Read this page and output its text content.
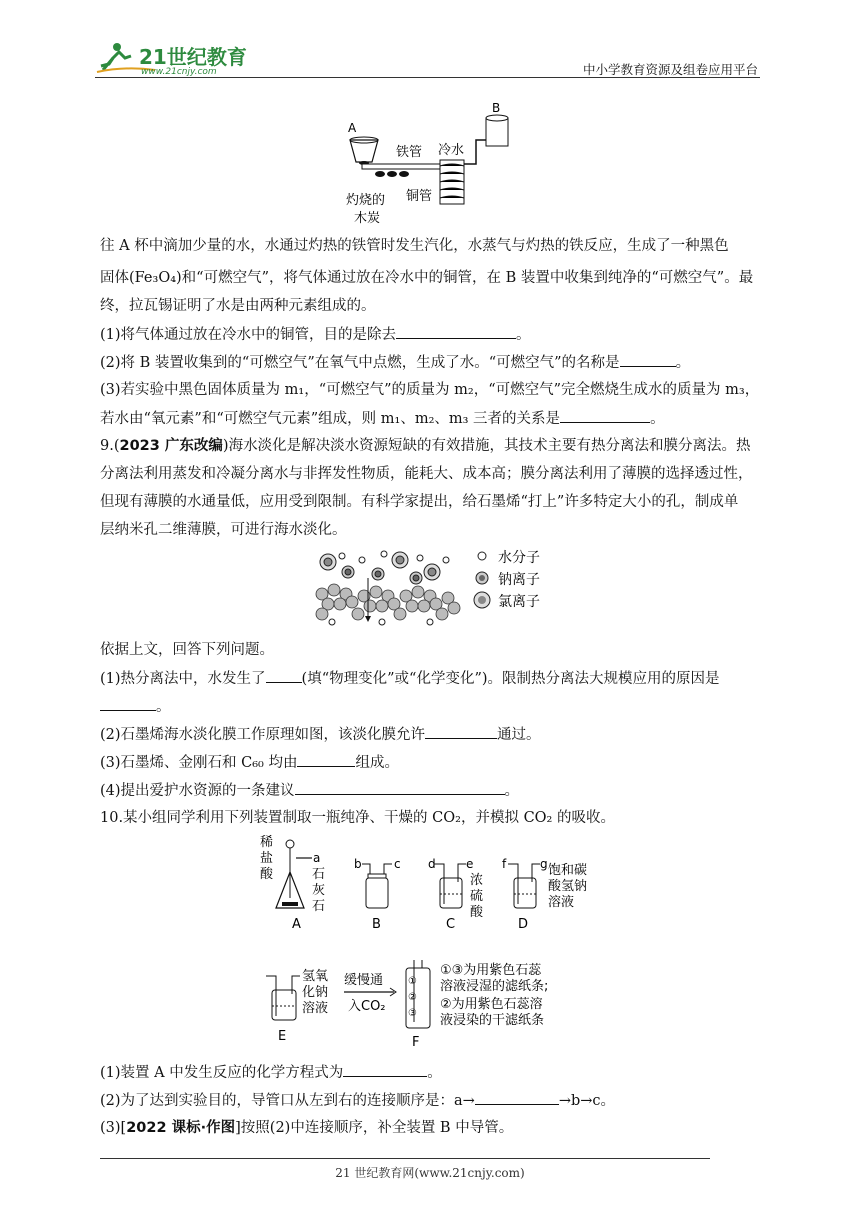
21世纪教育
www.21cnjy.com	中小学教育资源及组卷应用平台
A
铁管 冷水
B
铜管
灼烧的
木炭
往 A 杯中滴加少量的水，水通过灼热的铁管时发生汽化，水蒸气与灼热的铁反应，生成了一种黑色
固体(Fe₃O₄)和“可燃空气”，将气体通过放在冷水中的铜管，在 B 装置中收集到纯净的“可燃空气”。最
终，拉瓦锡证明了水是由两种元素组成的。
(1)将气体通过放在冷水中的铜管，目的是除去	。
(2)将 B 装置收集到的“可燃空气”在氧气中点燃，生成了水。“可燃空气”的名称是	。
(3)若实验中黑色固体质量为 m₁，“可燃空气”的质量为 m₂，“可燃空气”完全燃烧生成水的质量为 m₃，
若水由“氧元素”和“可燃空气元素”组成，则 m₁、m₂、m₃ 三者的关系是	。
9.(2023 广东改编)海水淡化是解决淡水资源短缺的有效措施，其技术主要有热分离法和膜分离法。热
分离法利用蒸发和冷凝分离水与非挥发性物质，能耗大、成本高；膜分离法利用了薄膜的选择透过性，
但现有薄膜的水通量低，应用受到限制。有科学家提出，给石墨烯“打上”许多特定大小的孔，制成单
层纳米孔二维薄膜，可进行海水淡化。
水分子
钠离子
氯离子
依据上文，回答下列问题。
(1)热分离法中，水发生了 (填“物理变化”或“化学变化”)。限制热分离法大规模应用的原因是
。
(2)石墨烯海水淡化膜工作原理如图，该淡化膜允许	通过。
(3)石墨烯、金刚石和 C₆₀ 均由	组成。
(4)提出爱护水资源的一条建议	。
10.某小组同学利用下列装置制取一瓶纯净、干燥的 CO₂，并模拟 CO₂ 的吸收。
稀
盐
酸
a
石
灰
石
A
b	c
B
d	e
浓
硫
酸
C
f	g 饱和碳
酸氢钠
溶液
D
氢氧
化钠
溶液
E
缓慢通
入CO₂
①
②
③
F
①③为用紫色石蕊
溶液浸湿的滤纸条;
②为用紫色石蕊溶
液浸染的干滤纸条
(1)装置 A 中发生反应的化学方程式为	。
(2)为了达到实验目的，导管口从左到右的连接顺序是：a→	→b→c。
(3)[2022 课标·作图]按照(2)中连接顺序，补全装置 B 中导管。
21 世纪教育网(www.21cnjy.com)
